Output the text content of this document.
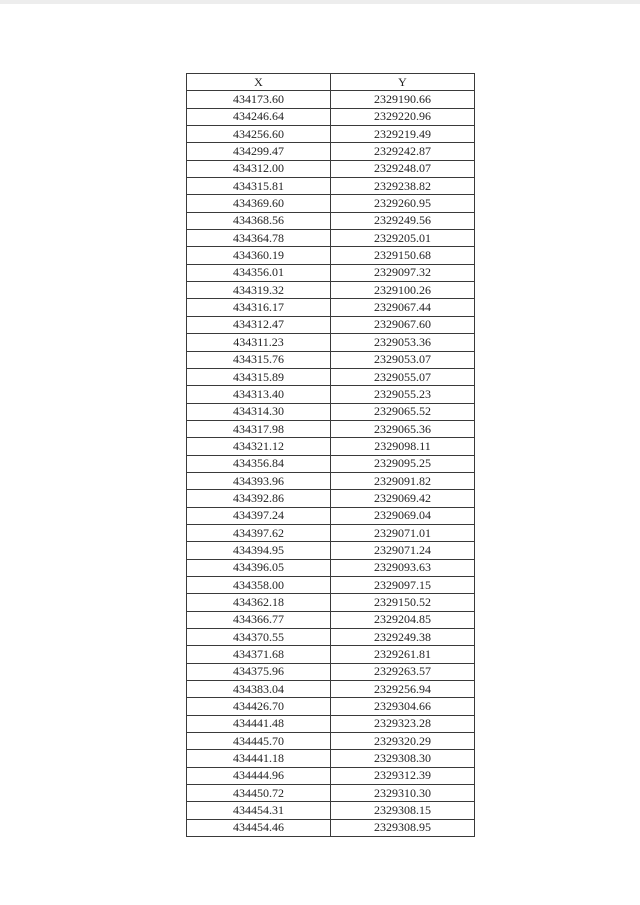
X	Y
434173.60	2329190.66
434246.64	2329220.96
434256.60	2329219.49
434299.47	2329242.87
434312.00	2329248.07
434315.81	2329238.82
434369.60	2329260.95
434368.56	2329249.56
434364.78	2329205.01
434360.19	2329150.68
434356.01	2329097.32
434319.32	2329100.26
434316.17	2329067.44
434312.47	2329067.60
434311.23	2329053.36
434315.76	2329053.07
434315.89	2329055.07
434313.40	2329055.23
434314.30	2329065.52
434317.98	2329065.36
434321.12	2329098.11
434356.84	2329095.25
434393.96	2329091.82
434392.86	2329069.42
434397.24	2329069.04
434397.62	2329071.01
434394.95	2329071.24
434396.05	2329093.63
434358.00	2329097.15
434362.18	2329150.52
434366.77	2329204.85
434370.55	2329249.38
434371.68	2329261.81
434375.96	2329263.57
434383.04	2329256.94
434426.70	2329304.66
434441.48	2329323.28
434445.70	2329320.29
434441.18	2329308.30
434444.96	2329312.39
434450.72	2329310.30
434454.31	2329308.15
434454.46	2329308.95
